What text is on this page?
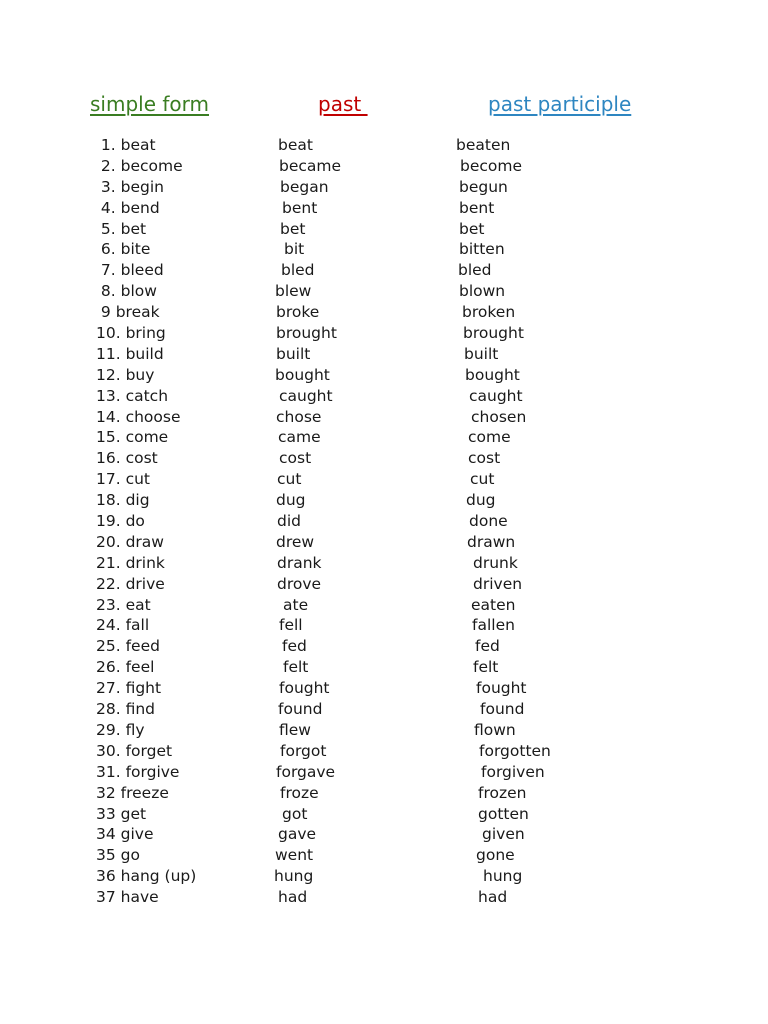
simple form	past	past participle
1. beat	beat	beaten
2. become	became	become
3. begin	began	begun
4. bend	bent	bent
5. bet	bet	bet
6. bite	bit	bitten
7. bleed	bled	bled
8. blow	blew	blown
9 break	broke	broken
10. bring	brought	brought
11. build	built	built
12. buy	bought	bought
13. catch	caught	caught
14. choose	chose	chosen
15. come	came	come
16. cost	cost	cost
17. cut	cut	cut
18. dig	dug	dug
19. do	did	done
20. draw	drew	drawn
21. drink	drank	drunk
22. drive	drove	driven
23. eat	ate	eaten
24. fall	fell	fallen
25. feed	fed	fed
26. feel	felt	felt
27. fight	fought	fought
28. find	found	found
29. fly	flew	flown
30. forget	forgot	forgotten
31. forgive	forgave	forgiven
32 freeze	froze	frozen
33 get	got	gotten
34 give	gave	given
35 go	went	gone
36 hang (up)	hung	hung
37 have	had	had
